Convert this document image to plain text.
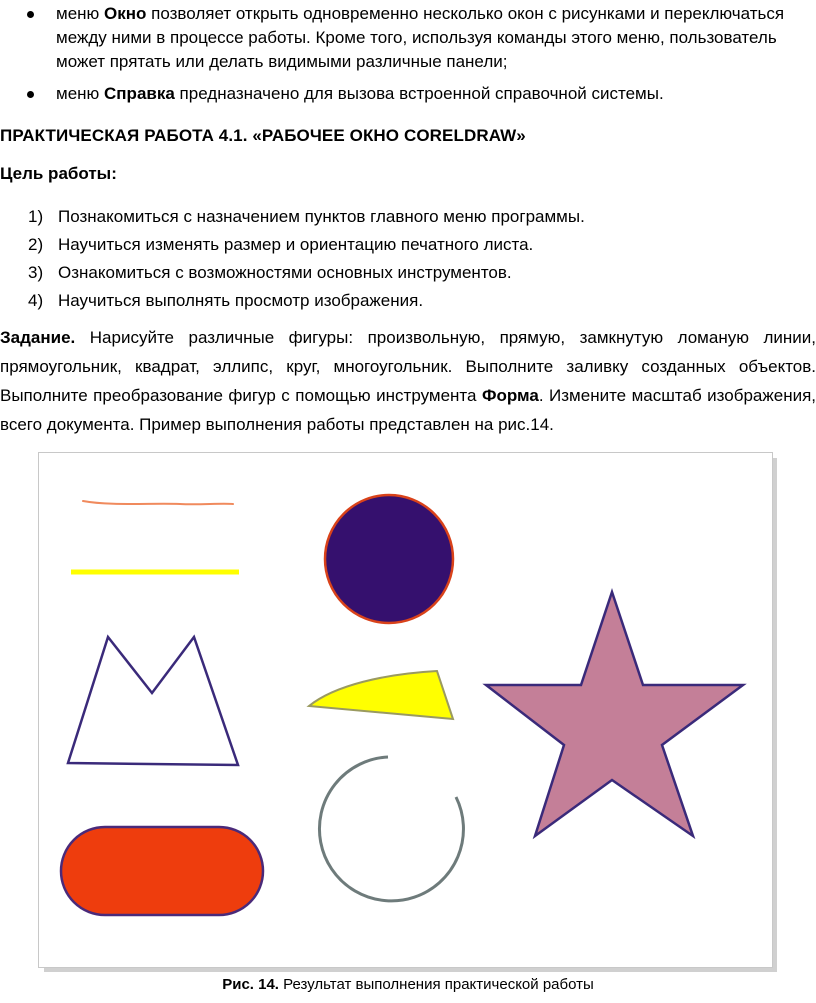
меню Окно позволяет открыть одновременно несколько окон с рисунками и переключаться между ними в процессе работы. Кроме того, используя команды этого меню, пользователь может прятать или делать видимыми различные панели;
меню Справка предназначено для вызова встроенной справочной системы.
ПРАКТИЧЕСКАЯ РАБОТА 4.1. «РАБОЧЕЕ ОКНО CORELDRAW»
Цель работы:
1) Познакомиться с назначением пунктов главного меню программы.
2) Научиться изменять размер и ориентацию печатного листа.
3) Ознакомиться с возможностями основных инструментов.
4) Научиться выполнять просмотр изображения.
Задание. Нарисуйте различные фигуры: произвольную, прямую, замкнутую ломаную линии, прямоугольник, квадрат, эллипс, круг, многоугольник. Выполните заливку созданных объектов. Выполните преобразование фигур с помощью инструмента Форма. Измените масштаб изображения, всего документа. Пример выполнения работы представлен на рис.14.
Рис. 14. Результат выполнения практической работы
